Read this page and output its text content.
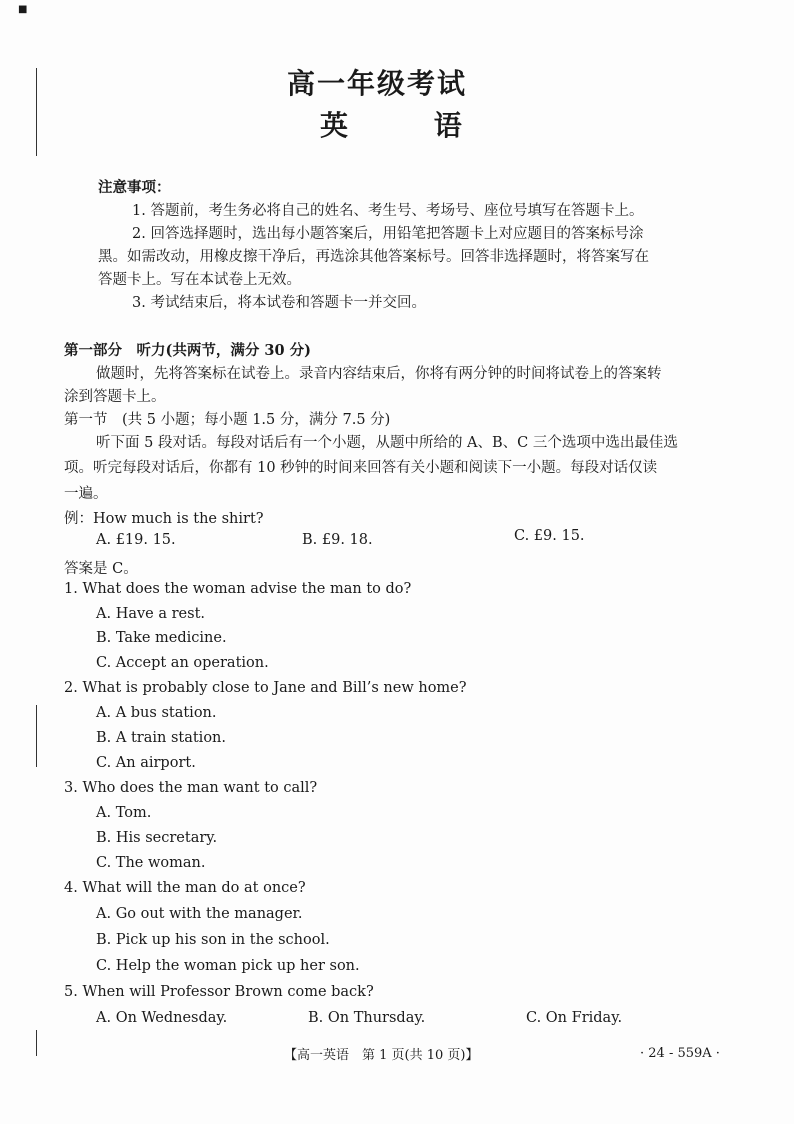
■
高一年级考试
英 语
注意事项：
1. 答题前，考生务必将自己的姓名、考生号、考场号、座位号填写在答题卡上。
2. 回答选择题时，选出每小题答案后，用铅笔把答题卡上对应题目的答案标号涂
黑。如需改动，用橡皮擦干净后，再选涂其他答案标号。回答非选择题时，将答案写在
答题卡上。写在本试卷上无效。
3. 考试结束后，将本试卷和答题卡一并交回。
第一部分　听力(共两节，满分 30 分)
做题时，先将答案标在试卷上。录音内容结束后，你将有两分钟的时间将试卷上的答案转
涂到答题卡上。
第一节　(共 5 小题；每小题 1.5 分，满分 7.5 分)
听下面 5 段对话。每段对话后有一个小题，从题中所给的 A、B、C 三个选项中选出最佳选
项。听完每段对话后，你都有 10 秒钟的时间来回答有关小题和阅读下一小题。每段对话仅读
一遍。
例：How much is the shirt?
A. £19. 15.	B. £9. 18.	C. £9. 15.
答案是 C。
1. What does the woman advise the man to do?
A. Have a rest.
B. Take medicine.
C. Accept an operation.
2. What is probably close to Jane and Bill’s new home?
A. A bus station.
B. A train station.
C. An airport.
3. Who does the man want to call?
A. Tom.
B. His secretary.
C. The woman.
4. What will the man do at once?
A. Go out with the manager.
B. Pick up his son in the school.
C. Help the woman pick up her son.
5. When will Professor Brown come back?
A. On Wednesday.	B. On Thursday.	C. On Friday.
【高一英语　第 1 页(共 10 页)】	· 24 - 559A ·
